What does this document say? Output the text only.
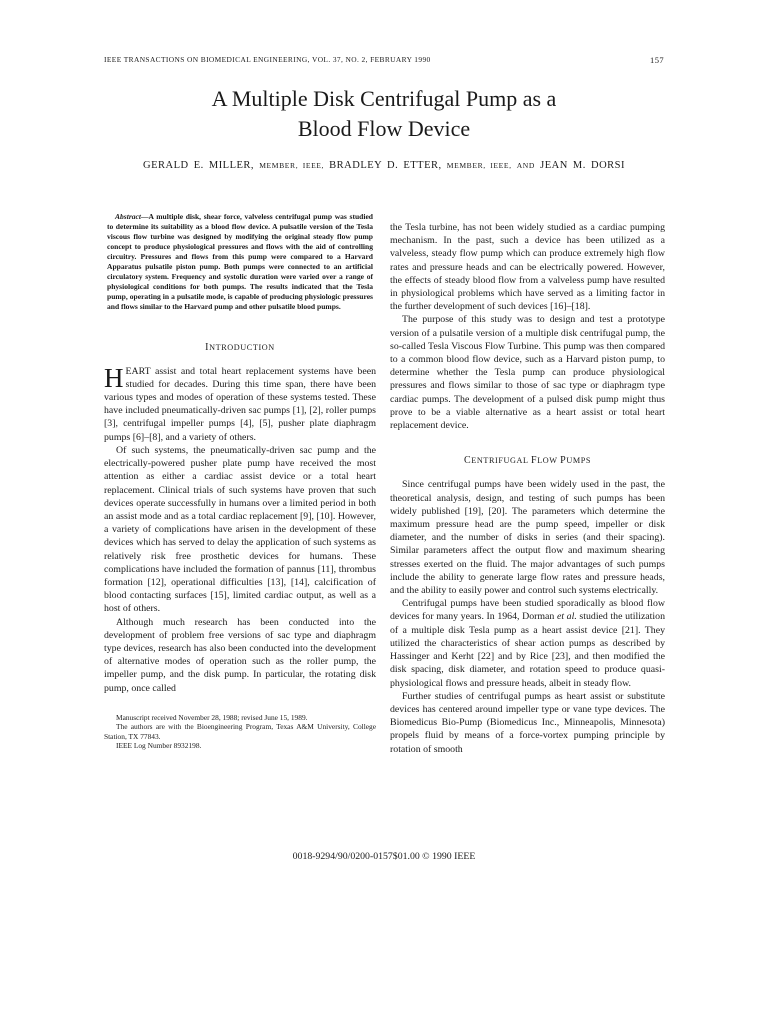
IEEE TRANSACTIONS ON BIOMEDICAL ENGINEERING, VOL. 37, NO. 2, FEBRUARY 1990	157
A Multiple Disk Centrifugal Pump as a
Blood Flow Device
GERALD E. MILLER, MEMBER, IEEE, BRADLEY D. ETTER, MEMBER, IEEE, AND JEAN M. DORSI

Abstract—A multiple disk, shear force, valveless centrifugal pump was studied to determine its suitability as a blood flow device. A pulsatile version of the Tesla viscous flow turbine was designed by modifying the original steady flow pump concept to produce physiological pressures and flows with the aid of controlling circuitry. Pressures and flows from this pump were compared to a Harvard Apparatus pulsatile piston pump. Both pumps were connected to an artificial circulatory system. Frequency and systolic duration were varied over a range of physiological conditions for both pumps. The results indicated that the Tesla pump, operating in a pulsatile mode, is capable of producing physiologic pressures and flows similar to the Harvard pump and other pulsatile blood pumps.

INTRODUCTION

HEART assist and total heart replacement systems have been studied for decades. During this time span, there have been various types and modes of operation of these systems tested. These have included pneumatically-driven sac pumps [1], [2], roller pumps [3], centrifugal impeller pumps [4], [5], pusher plate diaphragm pumps [6]–[8], and a variety of others.

Of such systems, the pneumatically-driven sac pump and the electrically-powered pusher plate pump have received the most attention as either a cardiac assist device or a total heart replacement. Clinical trials of such systems have proven that such devices operate successfully in humans over a limited period in both an assist mode and as a total cardiac replacement [9], [10]. However, a variety of complications have arisen in the development of these devices which has served to delay the application of such systems as relatively risk free prosthetic devices for humans. These complications have included the formation of pannus [11], thrombus formation [12], operational difficulties [13], [14], calcification of blood contacting surfaces [15], limited cardiac output, as well as a host of others.

Although much research has been conducted into the development of problem free versions of sac type and diaphragm type devices, research has also been conducted into the development of alternative modes of operation such as the roller pump, the impeller pump, and the disk pump. In particular, the rotating disk pump, once called

Manuscript received November 28, 1988; revised June 15, 1989.

The authors are with the Bioengineering Program, Texas A&M University, College Station, TX 77843.

IEEE Log Number 8932198.

the Tesla turbine, has not been widely studied as a cardiac pumping mechanism. In the past, such a device has been utilized as a valveless, steady flow pump which can produce extremely high flow rates and pressure heads and can be electrically powered. However, the effects of steady blood flow from a valveless pump have resulted in physiological problems which have served as a limiting factor in the further development of such devices [16]–[18].

The purpose of this study was to design and test a prototype version of a pulsatile version of a multiple disk centrifugal pump, the so-called Tesla Viscous Flow Turbine. This pump was then compared to a common blood flow device, such as a Harvard piston pump, to determine whether the Tesla pump can produce physiological pressures and flows similar to those of sac type or diaphragm type cardiac pumps. The development of a pulsed disk pump might thus prove to be a viable alternative as a heart assist or total heart replacement device.

CENTRIFUGAL FLOW PUMPS

Since centrifugal pumps have been widely used in the past, the theoretical analysis, design, and testing of such pumps has been widely published [19], [20]. The parameters which determine the maximum pressure head are the pump speed, impeller or disk diameter, and the number of disks in series (and their spacing). Similar parameters affect the output flow and maximum shearing stresses exerted on the fluid. The major advantages of such pumps include the ability to generate large flow rates and pressure heads, and the ability to easily power and control such systems electrically.

Centrifugal pumps have been studied sporadically as blood flow devices for many years. In 1964, Dorman et al. studied the utilization of a multiple disk Tesla pump as a heart assist device [21]. They utilized the characteristics of shear action pumps as described by Hassinger and Kerht [22] and by Rice [23], and then modified the disk spacing, disk diameter, and rotation speed to produce quasi-physiological flows and pressure heads, albeit in steady flow.

Further studies of centrifugal pumps as heart assist or substitute devices has centered around impeller type or vane type devices. The Biomedicus Bio-Pump (Biomedicus Inc., Minneapolis, Minnesota) propels fluid by means of a force-vortex pumping principle by rotation of smooth

0018-9294/90/0200-0157$01.00 © 1990 IEEE
